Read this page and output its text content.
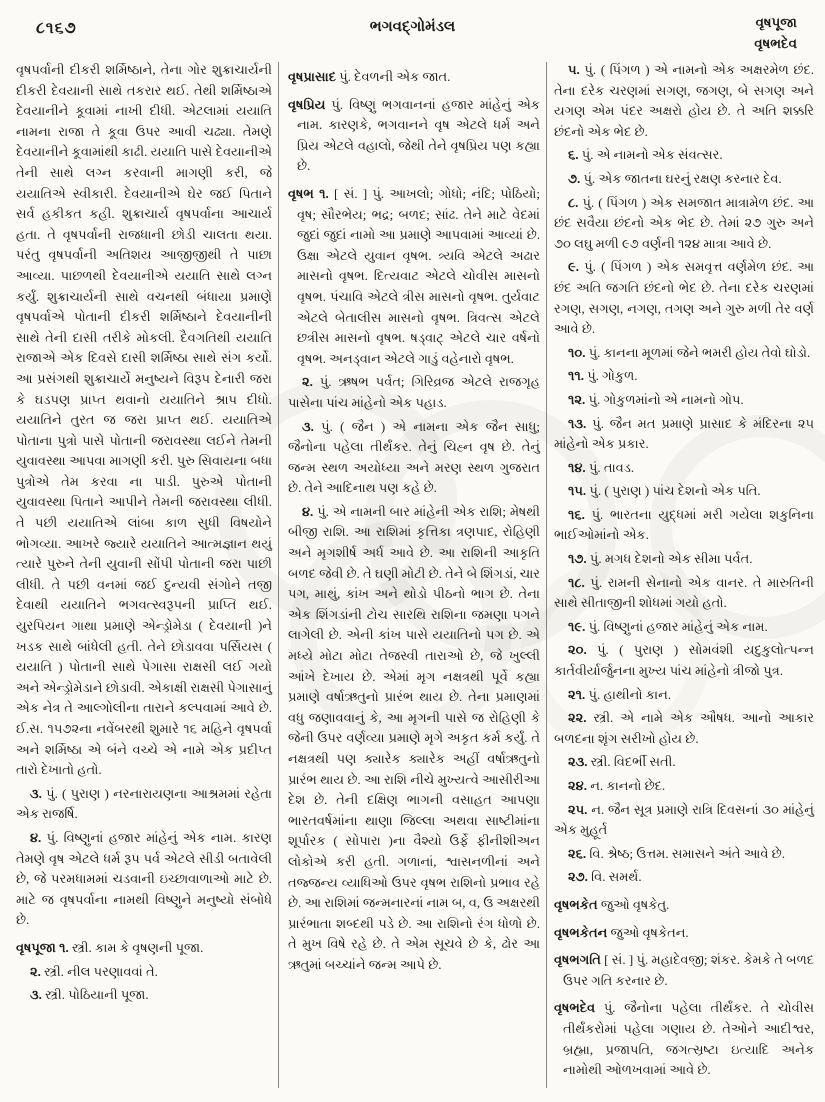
૮૧૬૭	ભગવદ્ગોમંડલ	વૃષપૂજા
વૃષભદેવ

વૃષપર્વાની દીકરી શર્મિષ્ઠાને, તેના ગોર શુક્રાચાર્યની દીકરી દેવયાની સાથે તકરાર થઈ. તેથી શર્મિષ્ઠાએ દેવયાનીને કૂવામાં નાખી દીધી. એટલામાં યયાતિ નામના રાજા તે કૂવા ઉપર આવી ચઢ્યા. તેમણે દેવયાનીને કૂવામાંથી કાઢી. યયાતિ પાસે દેવયાનીએ તેની સાથે લગ્ન કરવાની માગણી કરી, જે યયાતિએ સ્વીકારી. દેવયાનીએ ઘેર જઈ પિતાને સર્વ હકીકત કહી. શુક્રાચાર્ય વૃષપર્વાના આચાર્ય હતા. તે વૃષપર્વાની રાજધાની છોડી ચાલતા થયા. પરંતુ વૃષપર્વાની અતિશય આજીજીથી તે પાછા આવ્યા. પાછળથી દેવયાનીએ યયાતિ સાથે લગ્ન કર્યું. શુક્રાચાર્યની સાથે વચનથી બંધાયા પ્રમાણે વૃષપર્વાએ પોતાની દીકરી શર્મિષ્ઠાને દેવયાનીની સાથે તેની દાસી તરીકે મોકલી. દૈવગતિથી યયાતિ રાજાએ એક દિવસે દાસી શર્મિષ્ઠા સાથે સંગ કર્યો. આ પ્રસંગથી શુક્રાચાર્યે મનુષ્યને વિરૂપ દેનારી જરા કે ઘડપણ પ્રાપ્ત થવાનો યયાતિને શ્રાપ દીધો. યયાતિને તુરત જ જરા પ્રાપ્ત થઈ. યયાતિએ પોતાના પુત્રો પાસે પોતાની જરાવસ્થા લઈને તેમની યુવાવસ્થા આપવા માગણી કરી. પુરુ સિવાયના બધા પુત્રોએ તેમ કરવા ના પાડી. પુરુએ પોતાની યુવાવસ્થા પિતાને આપીને તેમની જરાવસ્થા લીધી. તે પછી યયાતિએ લાંબા કાળ સુધી વિષયોને ભોગવ્યા. આખરે જ્યારે યયાતિને આત્મજ્ઞાન થયું ત્યારે પુરુને તેની યુવાની સોંપી પોતાની જરા પાછી લીધી. તે પછી વનમાં જઈ દુન્યવી સંગોને તજી દેવાથી યયાતિને ભગવત્સ્વરૂપની પ્રાપ્તિ થઈ. યુરપિયન ગાથા પ્રમાણે એન્ડ્રોમેડા ( દેવયાની )ને ખડક સાથે બાંધેલી હતી. તેને છોડાવવા પર્સિયસ ( યયાતિ ) પોતાની સાથે પેગાસા રાક્ષસી લઈ ગયો અને એન્ડ્રોમેડાને છોડાવી. એકાક્ષી રાક્ષસી પેગાસાનું એક નેત્ર તે આલ્ગોલીના તારાને કલ્પવામાં આવે છે. ઈ.સ. ૧૫૭૨ના નવેંબરથી શુમારે ૧૬ મહિને વૃષપર્વા અને શર્મિષ્ઠા એ બંને વચ્ચે એ નામે એક પ્રદીપ્ત તારો દેખાતો હતો.

૩. પું. ( પુરાણ ) નરનારાયણના આશ્રમમાં રહેતા એક રાજર્ષિ.

૪. પું. વિષ્ણુનાં હજાર માંહેનું એક નામ. કારણ તેમણે વૃષ એટલે ધર્મ રૂપ પર્વ એટલે સીડી બતાવેલી છે, જે પરમધામમાં ચડવાની ઇચ્છાવાળાઓ માટે છે. માટે જ વૃષપર્વાના નામથી વિષ્ણુને મનુષ્યો સંબોધે છે.

વૃષપૂજા ૧. સ્ત્રી. કામ કે વૃષણની પૂજા.

૨. સ્ત્રી. નીલ પરણાવવાં તે.

૩. સ્ત્રી. પોઠિયાની પૂજા.

વૃષપ્રાસાદ પું. દેવળની એક જાત.

વૃષપ્રિય પું. વિષ્ણુ ભગવાનનાં હજાર માંહેનું એક નામ. કારણકે, ભગવાનને વૃષ એટલે ધર્મ અને પ્રિય એટલે વહાલો, જેથી તેને વૃષપ્રિય પણ કહ્યા છે.

વૃષભ ૧. [ સં. ] પું. આખલો; ગોધો; નંદિ; પોઠિયો; વૃષ; સૌરભેય; ભદ્ર; બળદ; સાંઢ. તેને માટે વેદમાં જુદાં જુદાં નામો આ પ્રમાણે આપવામાં આવ્યાં છે. ઉક્ષા એટલે યુવાન વૃષભ. ત્ર્યવિ એટલે અઢાર માસનો વૃષભ. દિત્યવાટ એટલે ચોવીસ માસનો વૃષભ. પંચાવિ એટલે ત્રીસ માસનો વૃષભ. તુર્યવાટ એટલે બેતાલીસ માસનો વૃષભ. ત્રિવત્સ એટલે છત્રીસ માસનો વૃષભ. ષડ્વાટ્ એટલે ચાર વર્ષનો વૃષભ. અનડ્વાન એટલે ગાડું વહેનારો વૃષભ.

૨. પું. ઋષભ પર્વત; ગિરિવ્રજ એટલે રાજગૃહ પાસેના પાંચ માંહેનો એક પહાડ.

૩. પું. ( જૈન ) એ નામના એક જૈન સાધુ; જૈનોના પહેલા તીર્થંકર. તેનું ચિહ્ન વૃષ છે. તેનું જન્મ સ્થળ અયોધ્યા અને મરણ સ્થળ ગુજરાત છે. તેને આદિનાથ પણ કહે છે.

૪. પું. એ નામની બાર માંહેની એક રાશિ; મેષથી બીજી રાશિ. આ રાશિમાં કૃત્તિકા ત્રણપાદ, રોહિણી અને મૃગશીર્ષ અર્ધ આવે છે. આ રાશિની આકૃતિ બળદ જેવી છે. તે ઘણી મોટી છે. તેને બે શિંગડાં, ચાર પગ, માથું, કાંખ અને થોડો પીઠનો ભાગ છે. તેના એક શિંગડાંની ટોચ સારથિ રાશિના જમણા પગને લાગેલી છે. એની કાંખ પાસે યયાતિનો પગ છે. એ મધ્યે મોટા મોટા તેજસ્વી તારાઓ છે, જે ખુલ્લી આંખે દેખાય છે. એમાં મૃગ નક્ષત્રથી પૂર્વે કહ્યા પ્રમાણે વર્ષાઋતુનો પ્રારંભ થાય છે. તેના પ્રમાણમાં વધુ જણાવવાનું કે, આ મૃગની પાસે જ રોહિણી કે જેની ઉપર વર્ણવ્યા પ્રમાણે મૃગે અકૃત કર્મ કર્યું. તે નક્ષત્રથી પણ ક્યારેક ક્યારેક અહીં વર્ષાઋતુનો પ્રારંભ થાય છે. આ રાશિ નીચે મુખ્યત્વે આસીરીઆ દેશ છે. તેની દક્ષિણ ભાગની વસાહત આપણા ભારતવર્ષમાંના થાણા જિલ્લા અથવા સાષ્ટીમાંના શૂર્પારક ( સોપારા )ના વૈશ્યો ઉર્ફે ફીનીશીઅન લોકોએ કરી હતી. ગળાનાં, શ્વાસનળીનાં અને તજ્જન્ય વ્યાધિઓ ઉપર વૃષભ રાશિનો પ્રભાવ રહે છે. આ રાશિમાં જન્મનારનાં નામ બ, વ, ઉ અક્ષરથી પ્રારંભાતા શબ્દથી પડે છે. આ રાશિનો રંગ ધોળો છે. તે મુખ વિષે રહે છે. તે એમ સૂચવે છે કે, ઢોર આ ઋતુમાં બચ્ચાંને જન્મ આપે છે.

૫. પું. ( પિંગળ ) એ નામનો એક અક્ષરમેળ છંદ. તેના દરેક ચરણમાં સગણ, જગણ, બે સગણ અને યગણ એમ પંદર અક્ષરો હોય છે. તે અતિ શક્કરિ છંદનો એક ભેદ છે.

૬. પું. એ નામનો એક સંવત્સર.

૭. પું. એક જાતના ઘરનું રક્ષણ કરનાર દેવ.

૮. પું. ( પિંગળ ) એક સમજાત માત્રામેળ છંદ. આ છંદ સવૈયા છંદનો એક ભેદ છે. તેમાં ૨૭ ગુરુ અને ૭૦ લઘુ મળી ૯૭ વર્ણની ૧૨૪ માત્રા આવે છે.

૯. પું. ( પિંગળ ) એક સમવૃત્ત વર્ણમેળ છંદ. આ છંદ અતિ જગતિ છંદનો ભેદ છે. તેના દરેક ચરણમાં રગણ, સગણ, નગણ, તગણ અને ગુરુ મળી તેર વર્ણ આવે છે.

૧૦. પું. કાનના મૂળમાં જેને ભમરી હોય તેવો ઘોડો.

૧૧. પું. ગોકુળ.

૧૨. પું. ગોકુળમાંનો એ નામનો ગોપ.

૧૩. પું. જૈન મત પ્રમાણે પ્રાસાદ કે મંદિરના ૨૫ માંહેનો એક પ્રકાર.

૧૪. પું. તાવડ.

૧૫. પું. ( પુરાણ ) પાંચ દેશનો એક પતિ.

૧૬. પું. ભારતના યુદ્ધમાં મરી ગયેલા શકુનિના ભાઈઓમાંનો એક.

૧૭. પું. મગધ દેશનો એક સીમા પર્વત.

૧૮. પું. રામની સેનાનો એક વાનર. તે મારુતિની સાથે સીતાજીની શોધમાં ગયો હતો.

૧૯. પું. વિષ્ણુનાં હજાર માંહેનું એક નામ.

૨૦. પું. ( પુરાણ ) સોમવંશી યદુકુલોત્પન્ન કાર્તવીર્યાર્જુનના મુખ્ય પાંચ માંહેનો ત્રીજો પુત્ર.

૨૧. પું. હાથીનો કાન.

૨૨. સ્ત્રી. એ નામે એક ઔષધ. આનો આકાર બળદના શૃંગ સરીખો હોય છે.

૨૩. સ્ત્રી. વિદર્ભી સતી.

૨૪. ન. કાનનો છેદ.

૨૫. ન. જૈન સૂત્ર પ્રમાણે રાત્રિ દિવસનાં ૩૦ માંહેનું એક મુહૂર્ત

૨૬. વિ. શ્રેષ્ઠ; ઉત્તમ. સમાસને અંતે આવે છે.

૨૭. વિ. સમર્થ.

વૃષભકેત જુઓ વૃષકેતુ.

વૃષભકેતન જુઓ વૃષકેતન.

વૃષભગતિ [ સં. ] પું. મહાદેવજી; શંકર. કેમકે તે બળદ ઉપર ગતિ કરનાર છે.

વૃષભદેવ પું. જૈનોના પહેલા તીર્થંકર. તે ચોવીસ તીર્થંકરોમાં પહેલા ગણાય છે. તેઓને આદીશ્વર, બ્રહ્મા, પ્રજાપતિ, જગત્સ્રષ્ટા ઇત્યાદિ અનેક નામોથી ઓળખવામાં આવે છે.
